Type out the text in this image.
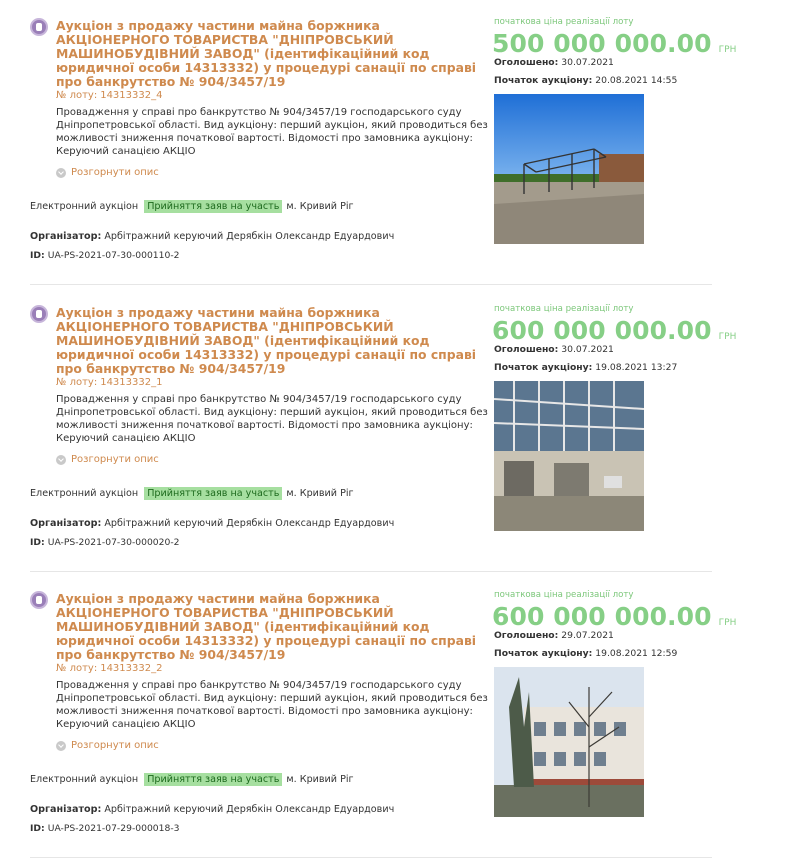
Аукціон з продажу частини майна боржника АКЦІОНЕРНОГО ТОВАРИСТВА "ДНІПРОВСЬКИЙ МАШИНОБУДІВНИЙ ЗАВОД" (ідентифікаційний код юридичної особи 14313332) у процедурі санації по справі про банкрутство № 904/3457/19
№ лоту: 14313332_4
Провадження у справі про банкрутство № 904/3457/19 господарського суду Дніпропетровської області. Вид аукціону: перший аукціон, який проводиться без можливості зниження початкової вартості. Відомості про замовника аукціону: Керуючий санацією АКЦІО
Розгорнути опис
Електронний аукціон Прийняття заяв на участь м. Кривий Ріг
Організатор: Арбітражний керуючий Дерябкін Олександр Едуардович
ID: UA-PS-2021-07-30-000110-2
початкова ціна реалізації лоту
500 000 000.00 ГРН
Оголошено: 30.07.2021
Початок аукціону: 20.08.2021 14:55
Аукціон з продажу частини майна боржника АКЦІОНЕРНОГО ТОВАРИСТВА "ДНІПРОВСЬКИЙ МАШИНОБУДІВНИЙ ЗАВОД" (ідентифікаційний код юридичної особи 14313332) у процедурі санації по справі про банкрутство № 904/3457/19
№ лоту: 14313332_1
Провадження у справі про банкрутство № 904/3457/19 господарського суду Дніпропетровської області. Вид аукціону: перший аукціон, який проводиться без можливості зниження початкової вартості. Відомості про замовника аукціону: Керуючий санацією АКЦІО
Розгорнути опис
Електронний аукціон Прийняття заяв на участь м. Кривий Ріг
Організатор: Арбітражний керуючий Дерябкін Олександр Едуардович
ID: UA-PS-2021-07-30-000020-2
початкова ціна реалізації лоту
600 000 000.00 ГРН
Оголошено: 30.07.2021
Початок аукціону: 19.08.2021 13:27
Аукціон з продажу частини майна боржника АКЦІОНЕРНОГО ТОВАРИСТВА "ДНІПРОВСЬКИЙ МАШИНОБУДІВНИЙ ЗАВОД" (ідентифікаційний код юридичної особи 14313332) у процедурі санації по справі про банкрутство № 904/3457/19
№ лоту: 14313332_2
Провадження у справі про банкрутство № 904/3457/19 господарського суду Дніпропетровської області. Вид аукціону: перший аукціон, який проводиться без можливості зниження початкової вартості. Відомості про замовника аукціону: Керуючий санацією АКЦІО
Розгорнути опис
Електронний аукціон Прийняття заяв на участь м. Кривий Ріг
Організатор: Арбітражний керуючий Дерябкін Олександр Едуардович
ID: UA-PS-2021-07-29-000018-3
початкова ціна реалізації лоту
600 000 000.00 ГРН
Оголошено: 29.07.2021
Початок аукціону: 19.08.2021 12:59
